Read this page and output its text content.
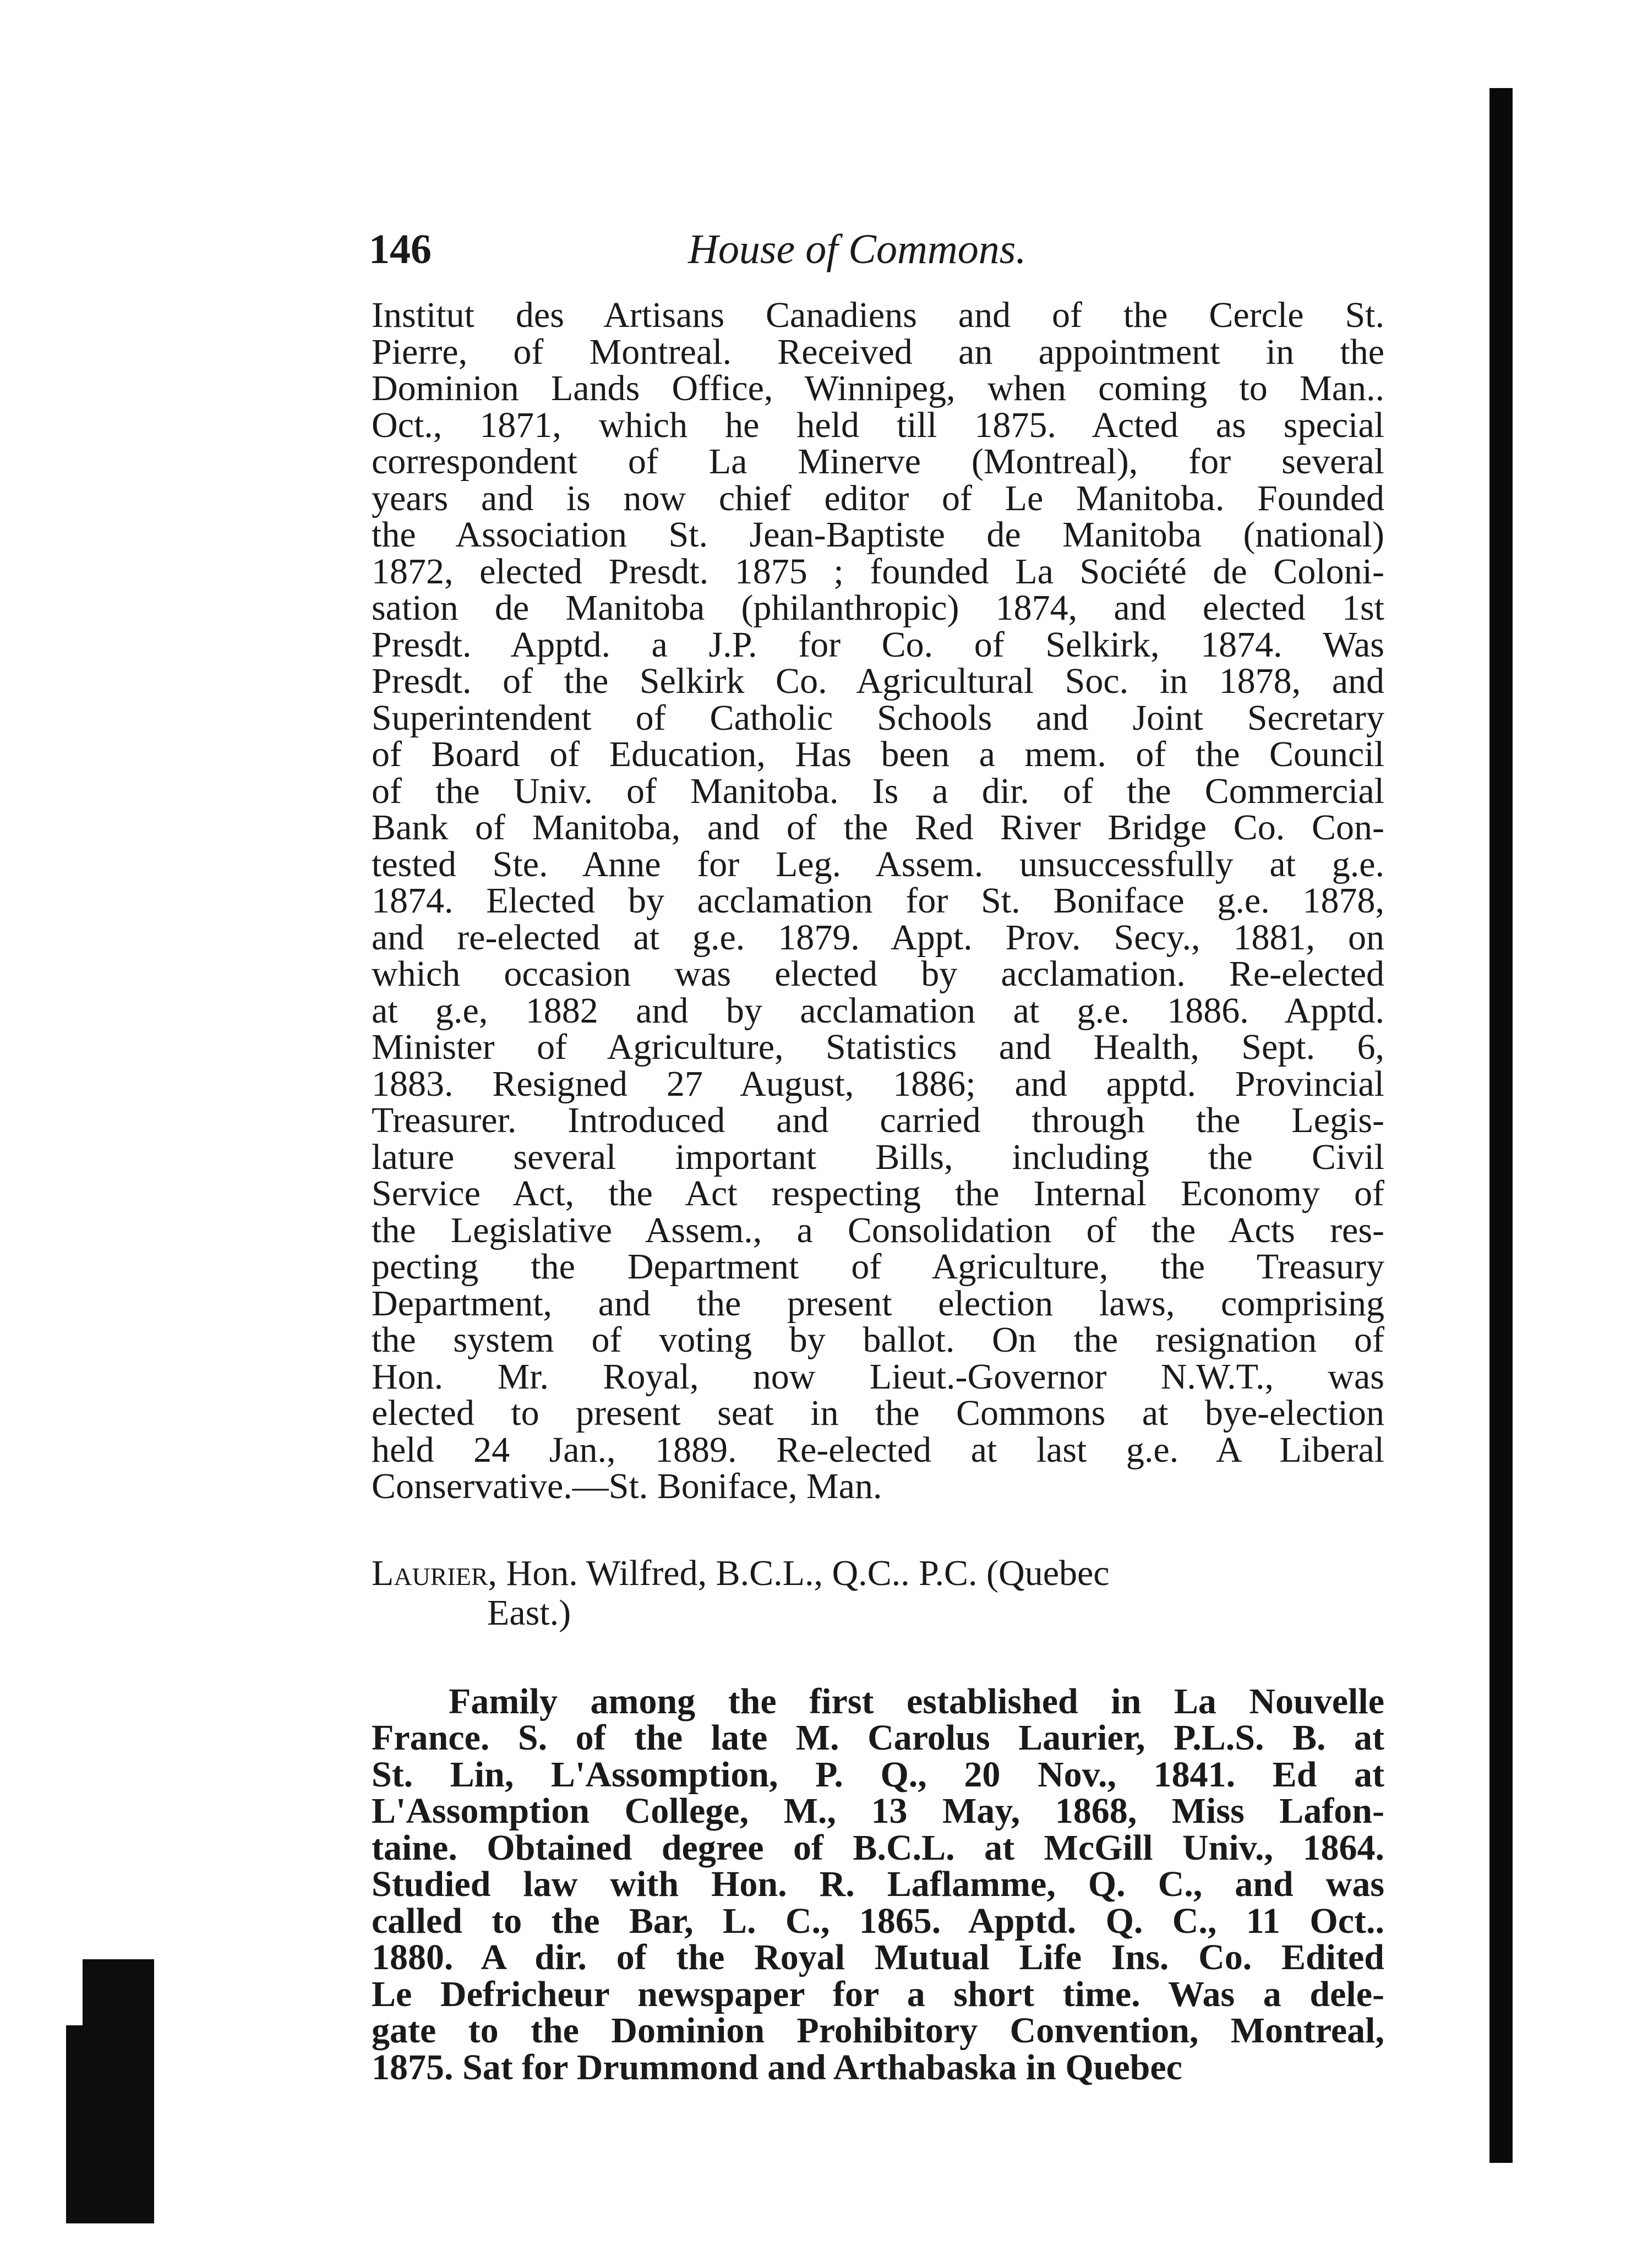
146	House of Commons.
Institut des Artisans Canadiens and of the Cercle St.
Pierre, of Montreal. Received an appointment in the
Dominion Lands Office, Winnipeg, when coming to Man..
Oct., 1871, which he held till 1875. Acted as special
correspondent of La Minerve (Montreal), for several
years and is now chief editor of Le Manitoba. Founded
the Association St. Jean-Baptiste de Manitoba (national)
1872, elected Presdt. 1875 ; founded La Société de Coloni-
sation de Manitoba (philanthropic) 1874, and elected 1st
Presdt. Apptd. a J.P. for Co. of Selkirk, 1874. Was
Presdt. of the Selkirk Co. Agricultural Soc. in 1878, and
Superintendent of Catholic Schools and Joint Secretary
of Board of Education, Has been a mem. of the Council
of the Univ. of Manitoba. Is a dir. of the Commercial
Bank of Manitoba, and of the Red River Bridge Co. Con-
tested Ste. Anne for Leg. Assem. unsuccessfully at g.e.
1874. Elected by acclamation for St. Boniface g.e. 1878,
and re-elected at g.e. 1879. Appt. Prov. Secy., 1881, on
which occasion was elected by acclamation. Re-elected
at g.e, 1882 and by acclamation at g.e. 1886. Apptd.
Minister of Agriculture, Statistics and Health, Sept. 6,
1883. Resigned 27 August, 1886; and apptd. Provincial
Treasurer. Introduced and carried through the Legis-
lature several important Bills, including the Civil
Service Act, the Act respecting the Internal Economy of
the Legislative Assem., a Consolidation of the Acts res-
pecting the Department of Agriculture, the Treasury
Department, and the present election laws, comprising
the system of voting by ballot. On the resignation of
Hon. Mr. Royal, now Lieut.-Governor N.W.T., was
elected to present seat in the Commons at bye-election
held 24 Jan., 1889. Re-elected at last g.e. A Liberal
Conservative.—St. Boniface, Man.
Laurier, Hon. Wilfred, B.C.L., Q.C.. P.C. (Quebec
East.)
Family among the first established in La Nouvelle
France. S. of the late M. Carolus Laurier, P.L.S. B. at
St. Lin, L'Assomption, P. Q., 20 Nov., 1841. Ed at
L'Assomption College, M., 13 May, 1868, Miss Lafon-
taine. Obtained degree of B.C.L. at McGill Univ., 1864.
Studied law with Hon. R. Laflamme, Q. C., and was
called to the Bar, L. C., 1865. Apptd. Q. C., 11 Oct..
1880. A dir. of the Royal Mutual Life Ins. Co. Edited
Le Defricheur newspaper for a short time. Was a dele-
gate to the Dominion Prohibitory Convention, Montreal,
1875. Sat for Drummond and Arthabaska in Quebec
